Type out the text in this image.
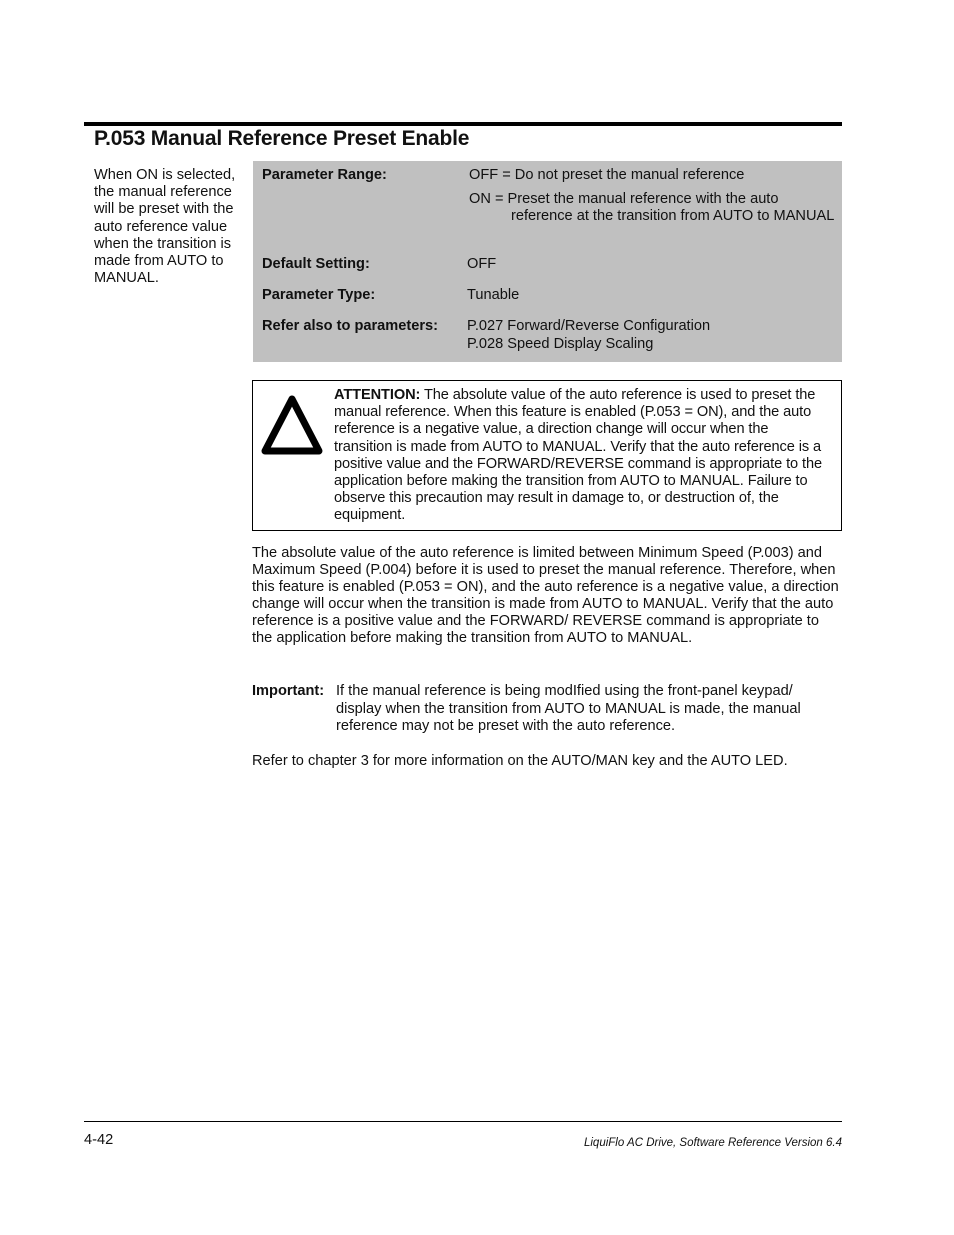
P.053 Manual Reference Preset Enable
When ON is selected, the manual reference will be preset with the auto reference value when the transition is made from AUTO to MANUAL.
Parameter Range:	OFF = Do not preset the manual reference
ON = Preset the manual reference with the auto reference at the transition from AUTO to MANUAL
Default Setting:	OFF
Parameter Type:	Tunable
Refer also to parameters: P.027 Forward/Reverse Configuration
P.028 Speed Display Scaling
ATTENTION: The absolute value of the auto reference is used to preset the manual reference. When this feature is enabled (P.053 = ON), and the auto reference is a negative value, a direction change will occur when the transition is made from AUTO to MANUAL. Verify that the auto reference is a positive value and the FORWARD/REVERSE command is appropriate to the application before making the transition from AUTO to MANUAL. Failure to observe this precaution may result in damage to, or destruction of, the equipment.

The absolute value of the auto reference is limited between Minimum Speed (P.003) and Maximum Speed (P.004) before it is used to preset the manual reference. Therefore, when this feature is enabled (P.053 = ON), and the auto reference is a negative value, a direction change will occur when the transition is made from AUTO to MANUAL. Verify that the auto reference is a positive value and the FORWARD/ REVERSE command is appropriate to the application before making the transition from AUTO to MANUAL.

Important: If the manual reference is being modIfied using the front-panel keypad/ display when the transition from AUTO to MANUAL is made, the manual reference may not be preset with the auto reference.

Refer to chapter 3 for more information on the AUTO/MAN key and the AUTO LED.

4-42	LiquiFlo AC Drive, Software Reference Version 6.4
